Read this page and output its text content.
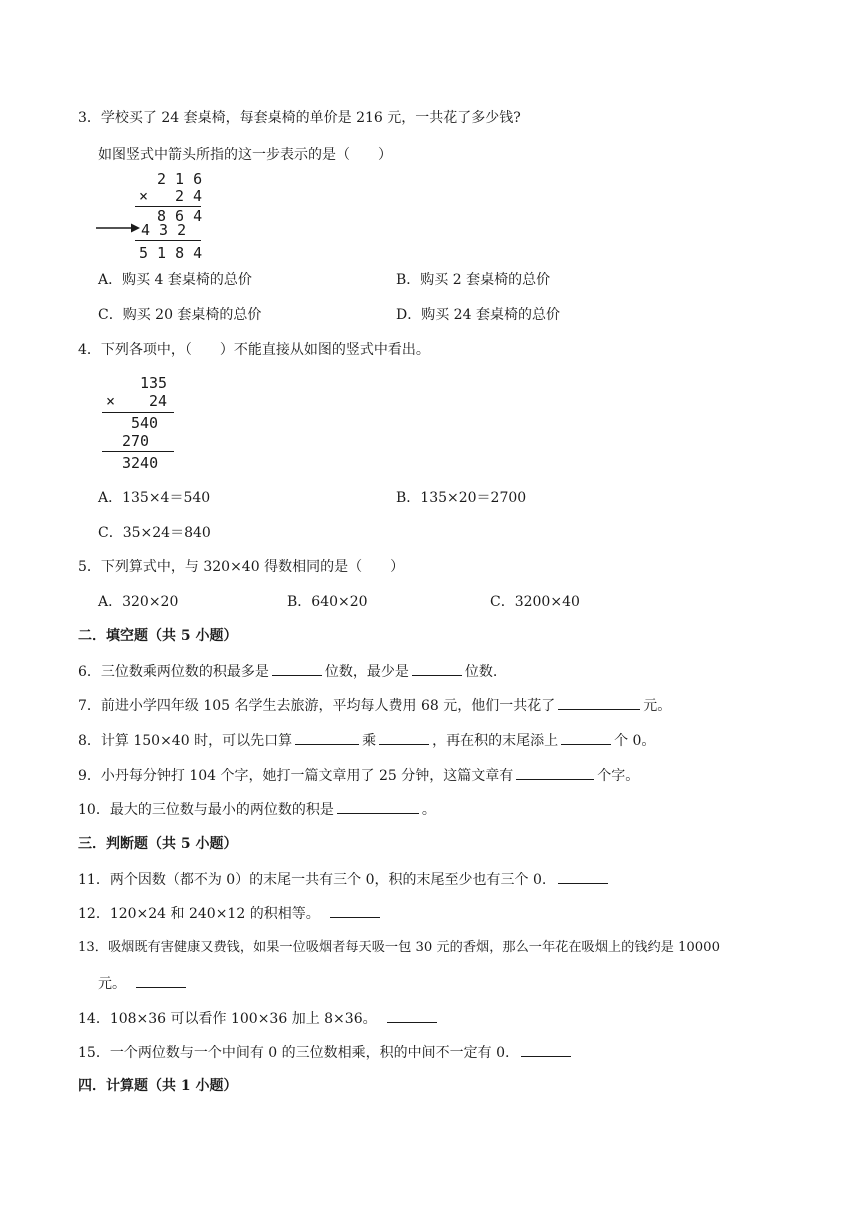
3．学校买了 24 套桌椅，每套桌椅的单价是 216 元，一共花了多少钱?
如图竖式中箭头所指的这一步表示的是（　　）
2 1 6
× 2 4
8 6 4
4 3 2
5 1 8 4
A．购买 4 套桌椅的总价	B．购买 2 套桌椅的总价
C．购买 20 套桌椅的总价	D．购买 24 套桌椅的总价
4．下列各项中，（　　）不能直接从如图的竖式中看出。
135
× 24
540
270
3240
A．135×4＝540	B．135×20＝2700
C．35×24＝840
5．下列算式中，与 320×40 得数相同的是（　　）
A．320×20	B．640×20	C．3200×40
二．填空题（共 5 小题）
6．三位数乘两位数的积最多是	位数，最少是	位数.
7．前进小学四年级 105 名学生去旅游，平均每人费用 68 元，他们一共花了	元。
8．计算 150×40 时，可以先口算	乘	，再在积的末尾添上	个 0。
9．小丹每分钟打 104 个字，她打一篇文章用了 25 分钟，这篇文章有	个字。
10．最大的三位数与最小的两位数的积是	。
三．判断题（共 5 小题）
11．两个因数（都不为 0）的末尾一共有三个 0，积的末尾至少也有三个 0.
12．120×24 和 240×12 的积相等。
13．吸烟既有害健康又费钱，如果一位吸烟者每天吸一包 30 元的香烟，那么一年花在吸烟上的钱约是 10000
元。
14．108×36 可以看作 100×36 加上 8×36。
15．一个两位数与一个中间有 0 的三位数相乘，积的中间不一定有 0.
四．计算题（共 1 小题）
